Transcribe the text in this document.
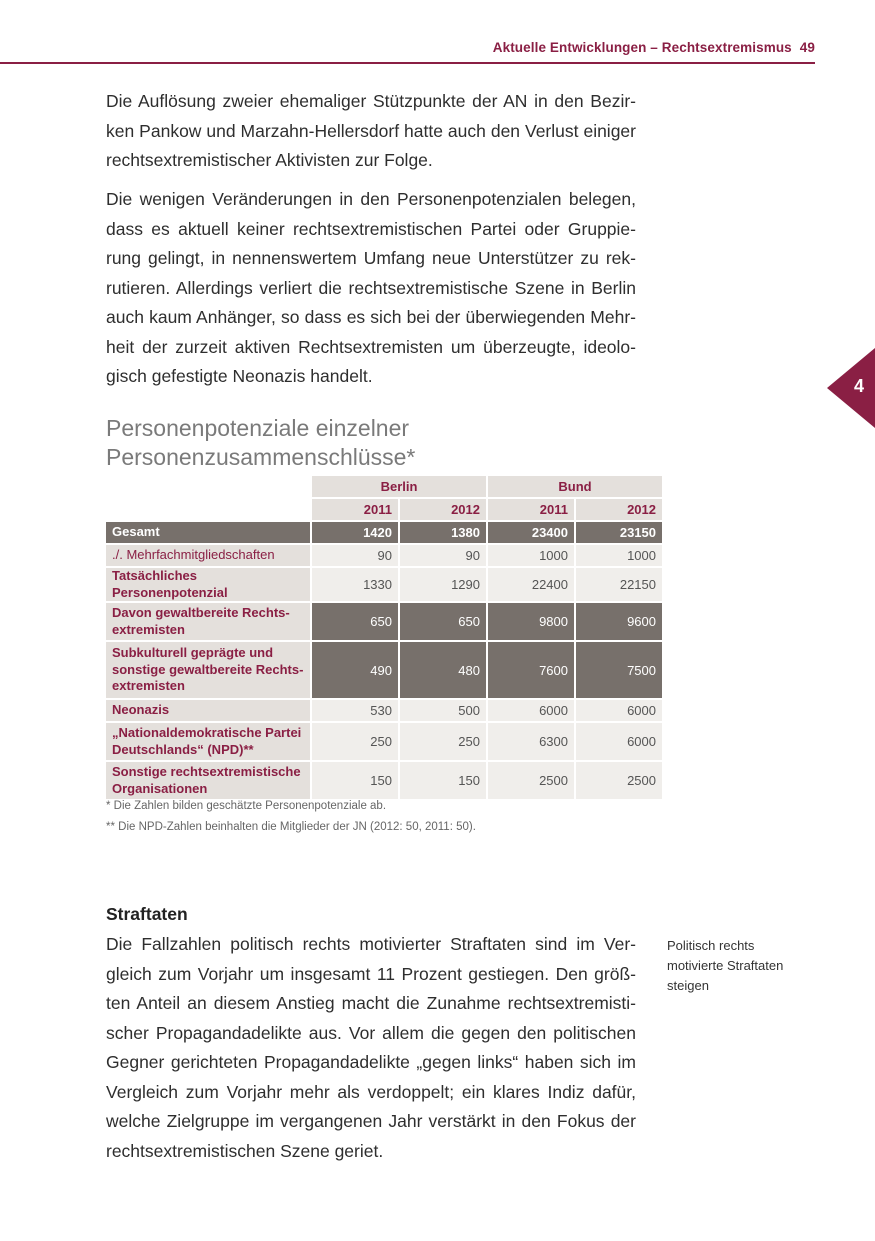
Aktuelle Entwicklungen – Rechtsextremismus 49
4

Die Auflösung zweier ehemaliger Stützpunkte der AN in den Bezirken Pankow und Marzahn-Hellersdorf hatte auch den Verlust einiger rechtsextremistischer Aktivisten zur Folge.

Die wenigen Veränderungen in den Personenpotenzialen belegen, dass es aktuell keiner rechtsextremistischen Partei oder Gruppierung gelingt, in nennenswertem Umfang neue Unterstützer zu rekrutieren. Allerdings verliert die rechtsextremistische Szene in Berlin auch kaum Anhänger, so dass es sich bei der überwiegenden Mehrheit der zurzeit aktiven Rechtsextremisten um überzeugte, ideologisch gefestigte Neonazis handelt.

Personenpotenziale einzelner
Personenzusammenschlüsse*
	Berlin		Bund	
	2011	2012	2011	2012
Gesamt	1420	1380	23400	23150
./. Mehrfachmitgliedschaften	90	90	1000	1000
Tatsächliches Personenpotenzial	1330	1290	22400	22150
Davon gewaltbereite Rechtsextremisten	650	650	9800	9600
Subkulturell geprägte und sonstige gewaltbereite Rechtsextremisten	490	480	7600	7500
Neonazis	530	500	6000	6000
„Nationaldemokratische Partei Deutschlands“ (NPD)**	250	250	6300	6000
Sonstige rechtsextremistische Organisationen	150	150	2500	2500
* Die Zahlen bilden geschätzte Personenpotenziale ab.
** Die NPD-Zahlen beinhalten die Mitglieder der JN (2012: 50, 2011: 50).
Straftaten

Die Fallzahlen politisch rechts motivierter Straftaten sind im Vergleich zum Vorjahr um insgesamt 11 Prozent gestiegen. Den größten Anteil an diesem Anstieg macht die Zunahme rechtsextremistischer Propagandadelikte aus. Vor allem die gegen den politischen Gegner gerichteten Propagandadelikte „gegen links“ haben sich im Vergleich zum Vorjahr mehr als verdoppelt; ein klares Indiz dafür, welche Zielgruppe im vergangenen Jahr verstärkt in den Fokus der rechtsextremistischen Szene geriet.

Politisch rechts motivierte Straftaten steigen
